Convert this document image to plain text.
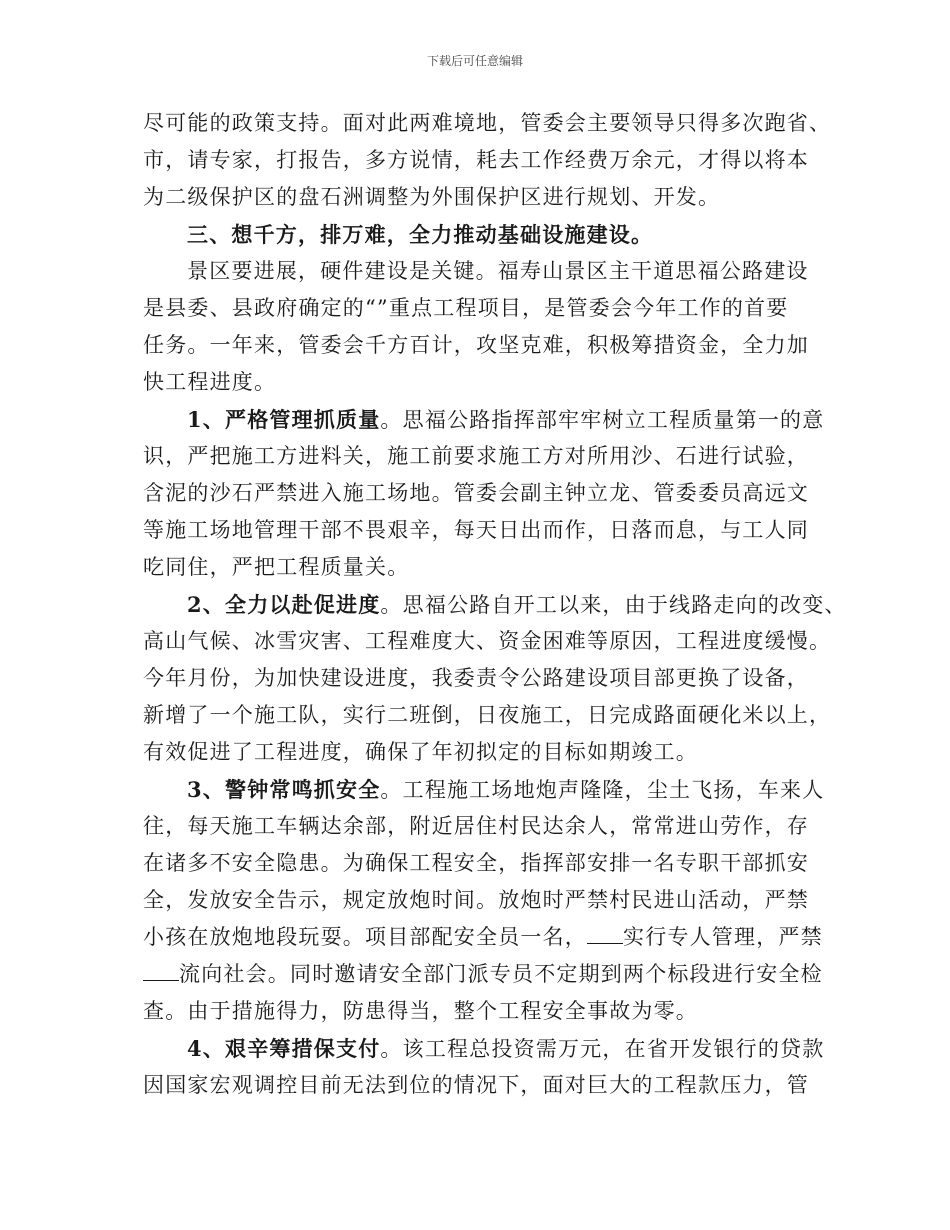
下载后可任意编辑
尽可能的政策支持。面对此两难境地，管委会主要领导只得多次跑省、
市，请专家，打报告，多方说情，耗去工作经费万余元，才得以将本
为二级保护区的盘石洲调整为外围保护区进行规划、开发。
三、想千方，排万难，全力推动基础设施建设。
景区要进展，硬件建设是关键。福寿山景区主干道思福公路建设
是县委、县政府确定的“”重点工程项目，是管委会今年工作的首要
任务。一年来，管委会千方百计，攻坚克难，积极筹措资金，全力加
快工程进度。
1、严格管理抓质量。思福公路指挥部牢牢树立工程质量第一的意
识，严把施工方进料关，施工前要求施工方对所用沙、石进行试验，
含泥的沙石严禁进入施工场地。管委会副主钟立龙、管委委员高远文
等施工场地管理干部不畏艰辛，每天日出而作，日落而息，与工人同
吃同住，严把工程质量关。
2、全力以赴促进度。思福公路自开工以来，由于线路走向的改变、
高山气候、冰雪灾害、工程难度大、资金困难等原因，工程进度缓慢。
今年月份，为加快建设进度，我委责令公路建设项目部更换了设备，
新增了一个施工队，实行二班倒，日夜施工，日完成路面硬化米以上，
有效促进了工程进度，确保了年初拟定的目标如期竣工。
3、警钟常鸣抓安全。工程施工场地炮声隆隆，尘土飞扬，车来人
往，每天施工车辆达余部，附近居住村民达余人，常常进山劳作，存
在诸多不安全隐患。为确保工程安全，指挥部安排一名专职干部抓安
全，发放安全告示，规定放炮时间。放炮时严禁村民进山活动，严禁
小孩在放炮地段玩耍。项目部配安全员一名， 实行专人管理，严禁
流向社会。同时邀请安全部门派专员不定期到两个标段进行安全检
查。由于措施得力，防患得当，整个工程安全事故为零。
4、艰辛筹措保支付。该工程总投资需万元，在省开发银行的贷款
因国家宏观调控目前无法到位的情况下，面对巨大的工程款压力，管
